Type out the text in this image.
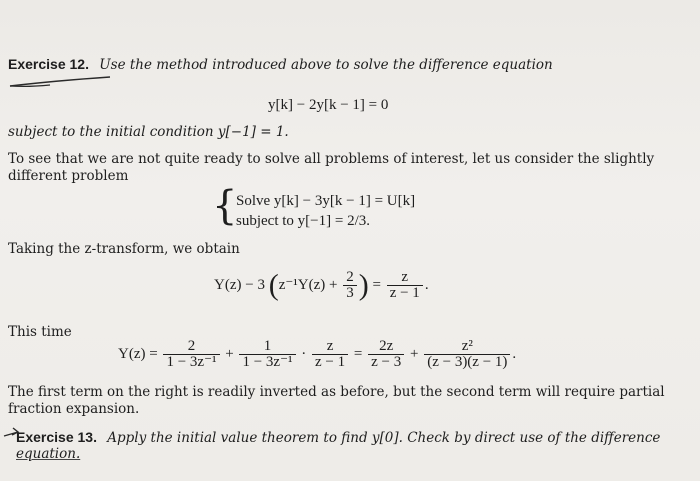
Exercise 12. Use the method introduced above to solve the difference equation
y[k] − 2y[k − 1] = 0
subject to the initial condition y[−1] = 1.
To see that we are not quite ready to solve all problems of interest, let us consider the slightly
different problem
{
Solve y[k] − 3y[k − 1] = U[k]
subject to y[−1] = 2/3.
Taking the z-transform, we obtain
Y(z) − 3 ($z^{-1}Y(z) + \frac{2}{3}$ ) = $\frac{z}{z - 1}$ .
This time
$Y(z) = \frac{2}{\text{1 − 3z⁻¹}} + \frac{1}{\text{1 − 3z⁻¹}} \cdot \frac{z}{z - 1} = \frac{2z}{z - 3} + \frac{\text{z²}}{(z - 3)(z - 1)}$ .
The first term on the right is readily inverted as before, but the second term will require partial
fraction expansion.
Exercise 13. Apply the initial value theorem to find y[0]. Check by direct use of the difference
equation.
